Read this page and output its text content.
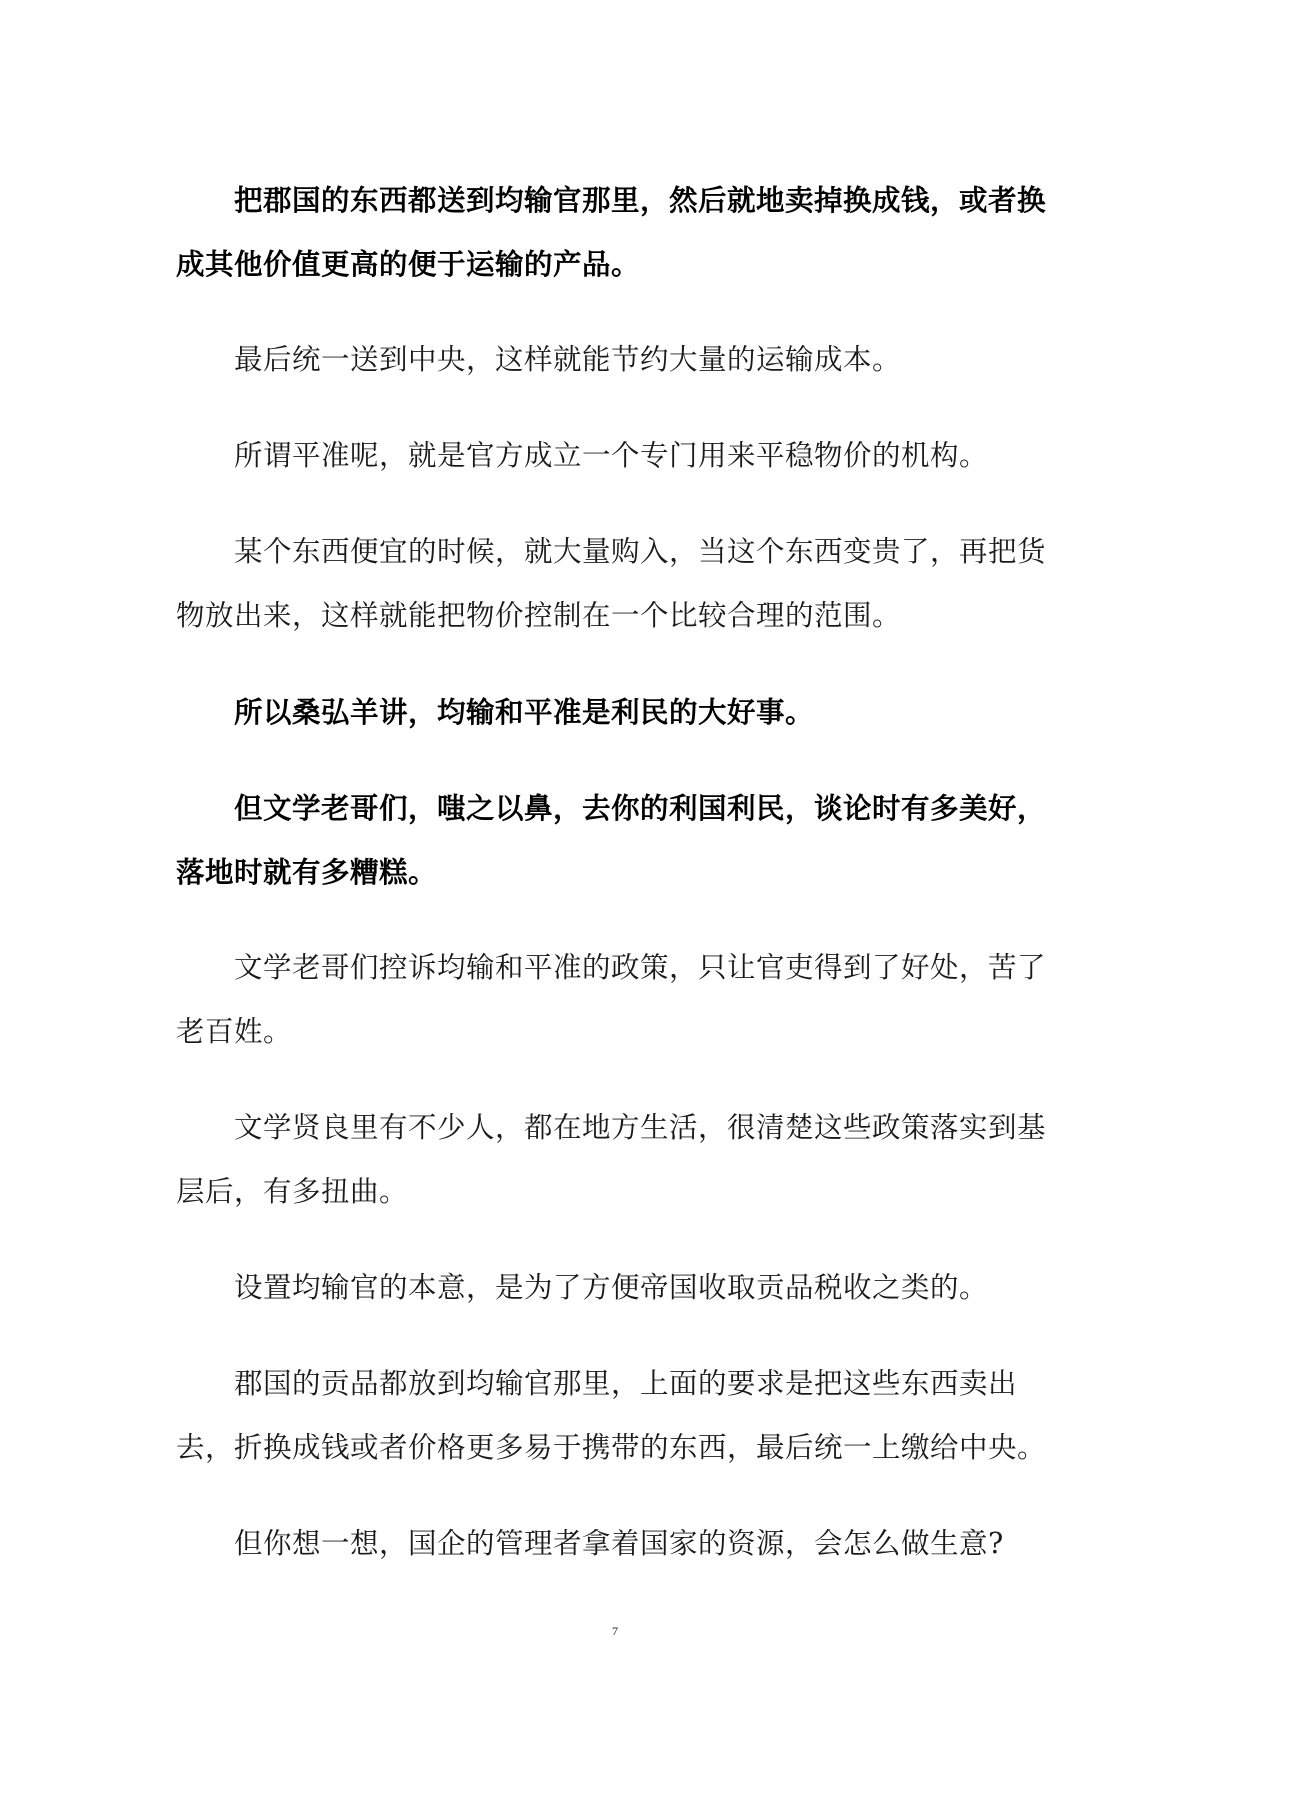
把郡国的东西都送到均输官那里，然后就地卖掉换成钱，或者换成其他价值更高的便于运输的产品。

最后统一送到中央，这样就能节约大量的运输成本。

所谓平准呢，就是官方成立一个专门用来平稳物价的机构。

某个东西便宜的时候，就大量购入，当这个东西变贵了，再把货物放出来，这样就能把物价控制在一个比较合理的范围。

所以桑弘羊讲，均输和平准是利民的大好事。

但文学老哥们，嗤之以鼻，去你的利国利民，谈论时有多美好，落地时就有多糟糕。

文学老哥们控诉均输和平准的政策，只让官吏得到了好处，苦了老百姓。

文学贤良里有不少人，都在地方生活，很清楚这些政策落实到基层后，有多扭曲。

设置均输官的本意，是为了方便帝国收取贡品税收之类的。

郡国的贡品都放到均输官那里，上面的要求是把这些东西卖出去，折换成钱或者价格更多易于携带的东西，最后统一上缴给中央。

但你想一想，国企的管理者拿着国家的资源，会怎么做生意?

7
